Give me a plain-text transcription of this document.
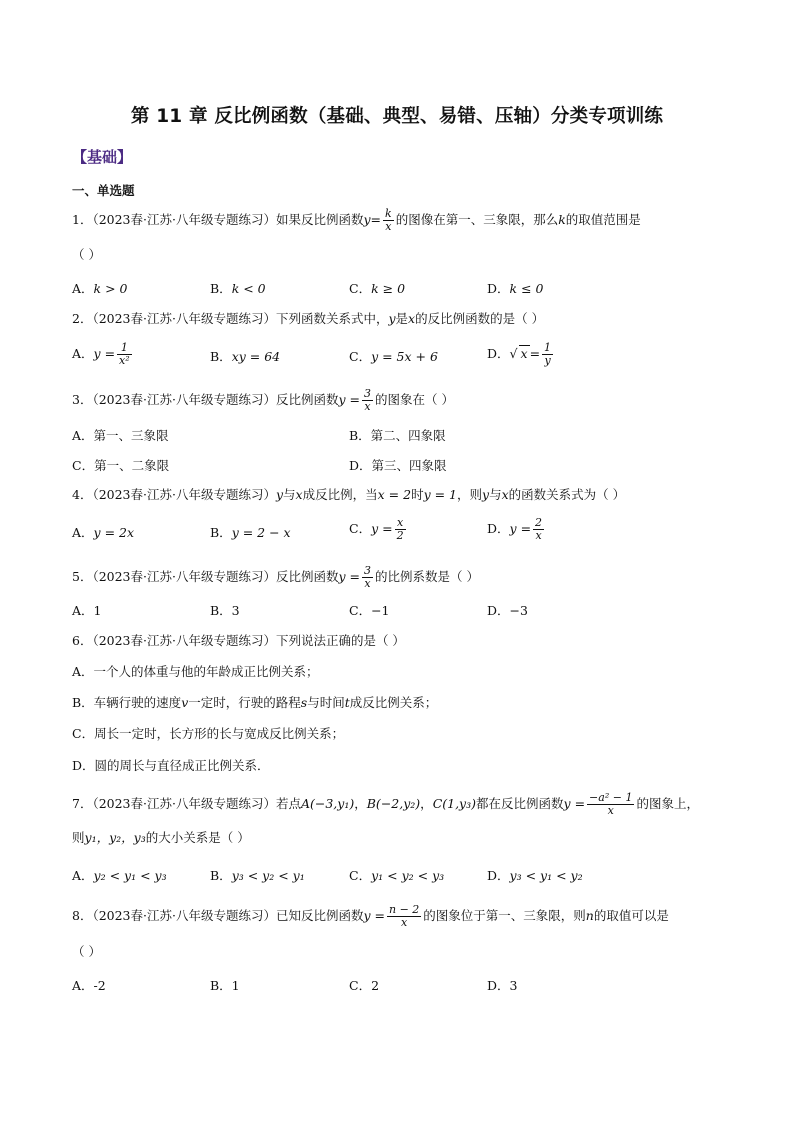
第 11 章 反比例函数（基础、典型、易错、压轴）分类专项训练
【基础】
一、单选题
1．（2023春·江苏·八年级专题练习）如果反比例函数$y= \frac{k}{x}$ 的图像在第一、三象限，那么k的取值范围是
（ ）
A．k > 0	B．k < 0	C．k ≥ 0	D．k ≤ 0
2．（2023春·江苏·八年级专题练习）下列函数关系式中，y是x的反比例函数的是（ ）
A．$y = \frac{1}{\text{x²}}$	B．xy = 64	C．y = 5x + 6	D．√ $x = \frac{1}{y}$
3．（2023春·江苏·八年级专题练习）反比例函数$y = \frac{3}{x}$ 的图象在（ ）
A．第一、三象限	B．第二、四象限
C．第一、二象限	D．第三、四象限
4．（2023春·江苏·八年级专题练习）y与x成反比例，当x = 2时y = 1，则y与x的函数关系式为（ ）
A．y = 2x	B．y = 2 − x	C．$y = \frac{x}{2}$	D．$y = \frac{2}{x}$
5．（2023春·江苏·八年级专题练习）反比例函数$y = \frac{3}{x}$ 的比例系数是（ ）
A．1	B．3	C．−1	D．−3
6．（2023春·江苏·八年级专题练习）下列说法正确的是（ ）
A．一个人的体重与他的年龄成正比例关系；
B．车辆行驶的速度v一定时，行驶的路程s与时间t成反比例关系；
C．周长一定时，长方形的长与宽成反比例关系；
D．圆的周长与直径成正比例关系．
7．（2023春·江苏·八年级专题练习）若点A(−3,y₁)，B(−2,y₂)，C(1,y₃)都在反比例函数$y = \frac{\text{−a² − 1}}{x}$ 的图象上，
则y₁，y₂，y₃的大小关系是（ ）
A．y₂ < y₁ < y₃	B．y₃ < y₂ < y₁	C．y₁ < y₂ < y₃	D．y₃ < y₁ < y₂
8．（2023春·江苏·八年级专题练习）已知反比例函数$y = \frac{n - 2}{x}$ 的图象位于第一、三象限，则n的取值可以是
（ ）
A．-2	B．1	C．2	D．3
